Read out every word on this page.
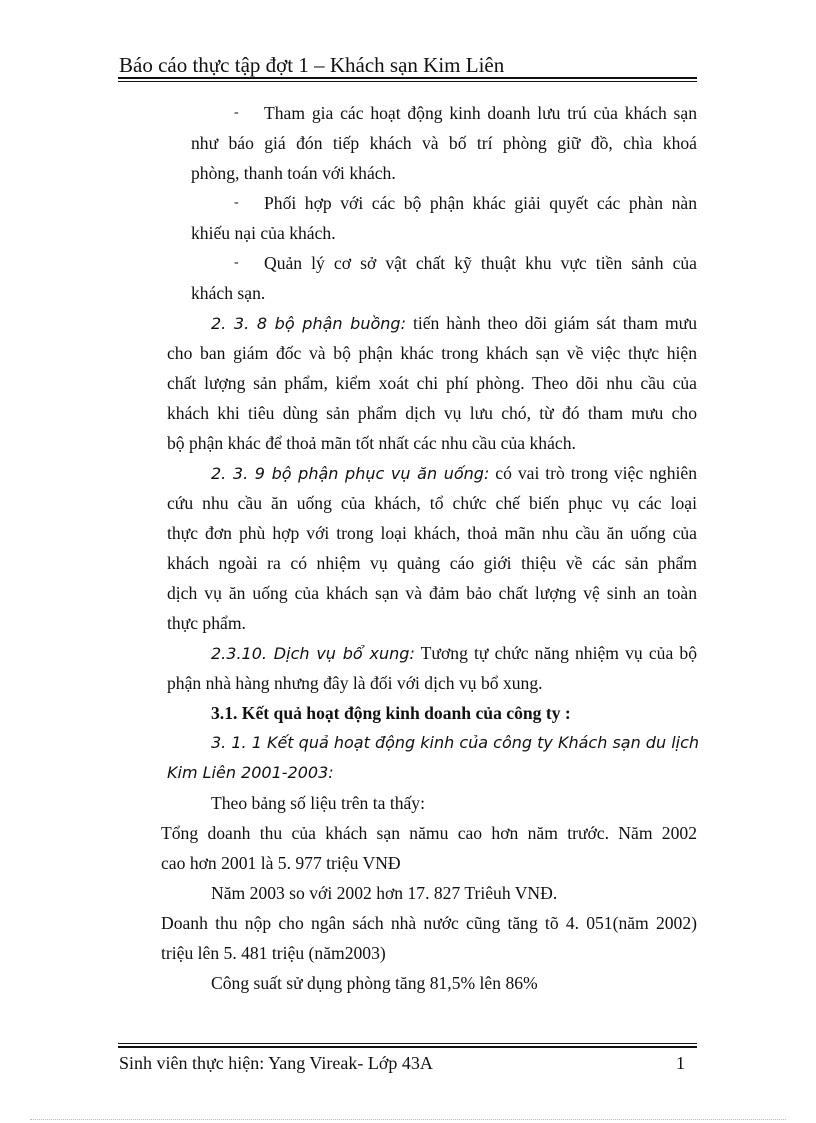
Báo cáo thực tập đợt 1 – Khách sạn Kim Liên
- Tham gia các hoạt động kinh doanh lưu trú của khách sạn
như báo giá đón tiếp khách và bố trí phòng giữ đồ, chìa khoá
phòng, thanh toán với khách.
- Phối hợp với các bộ phận khác giải quyết các phàn nàn
khiếu nại của khách.
- Quản lý cơ sở vật chất kỹ thuật khu vực tiền sảnh của
khách sạn.
2. 3. 8 bộ phận buồng: tiến hành theo dõi giám sát tham mưu
cho ban giám đốc và bộ phận khác trong khách sạn về việc thực hiện
chất lượng sản phẩm, kiểm xoát chi phí phòng. Theo dõi nhu cầu của
khách khi tiêu dùng sản phẩm dịch vụ lưu chó, từ đó tham mưu cho
bộ phận khác để thoả mãn tốt nhất các nhu cầu của khách.
2. 3. 9 bộ phận phục vụ ăn uống: có vai trò trong việc nghiên
cứu nhu cầu ăn uống của khách, tổ chức chế biến phục vụ các loại
thực đơn phù hợp với trong loại khách, thoả mãn nhu cầu ăn uống của
khách ngoài ra có nhiệm vụ quảng cáo giới thiệu về các sản phẩm
dịch vụ ăn uống của khách sạn và đảm bảo chất lượng vệ sinh an toàn
thực phẩm.
2.3.10. Dịch vụ bổ xung: Tương tự chức năng nhiệm vụ của bộ
phận nhà hàng nhưng đây là đối với dịch vụ bổ xung.
3.1. Kết quả hoạt động kinh doanh của công ty :
3. 1. 1 Kết quả hoạt động kinh của công ty Khách sạn du lịch
Kim Liên 2001-2003:
Theo bảng số liệu trên ta thấy:
Tổng doanh thu của khách sạn nămu cao hơn năm trước. Năm 2002
cao hơn 2001 là 5. 977 triệu VNĐ
Năm 2003 so với 2002 hơn 17. 827 Triêuh VNĐ.
Doanh thu nộp cho ngân sách nhà nước cũng tăng tõ 4. 051(năm 2002)
triệu lên 5. 481 triệu (năm2003)
Công suất sử dụng phòng tăng 81,5% lên 86%
Sinh viên thực hiện: Yang Vireak- Lớp 43A	1
